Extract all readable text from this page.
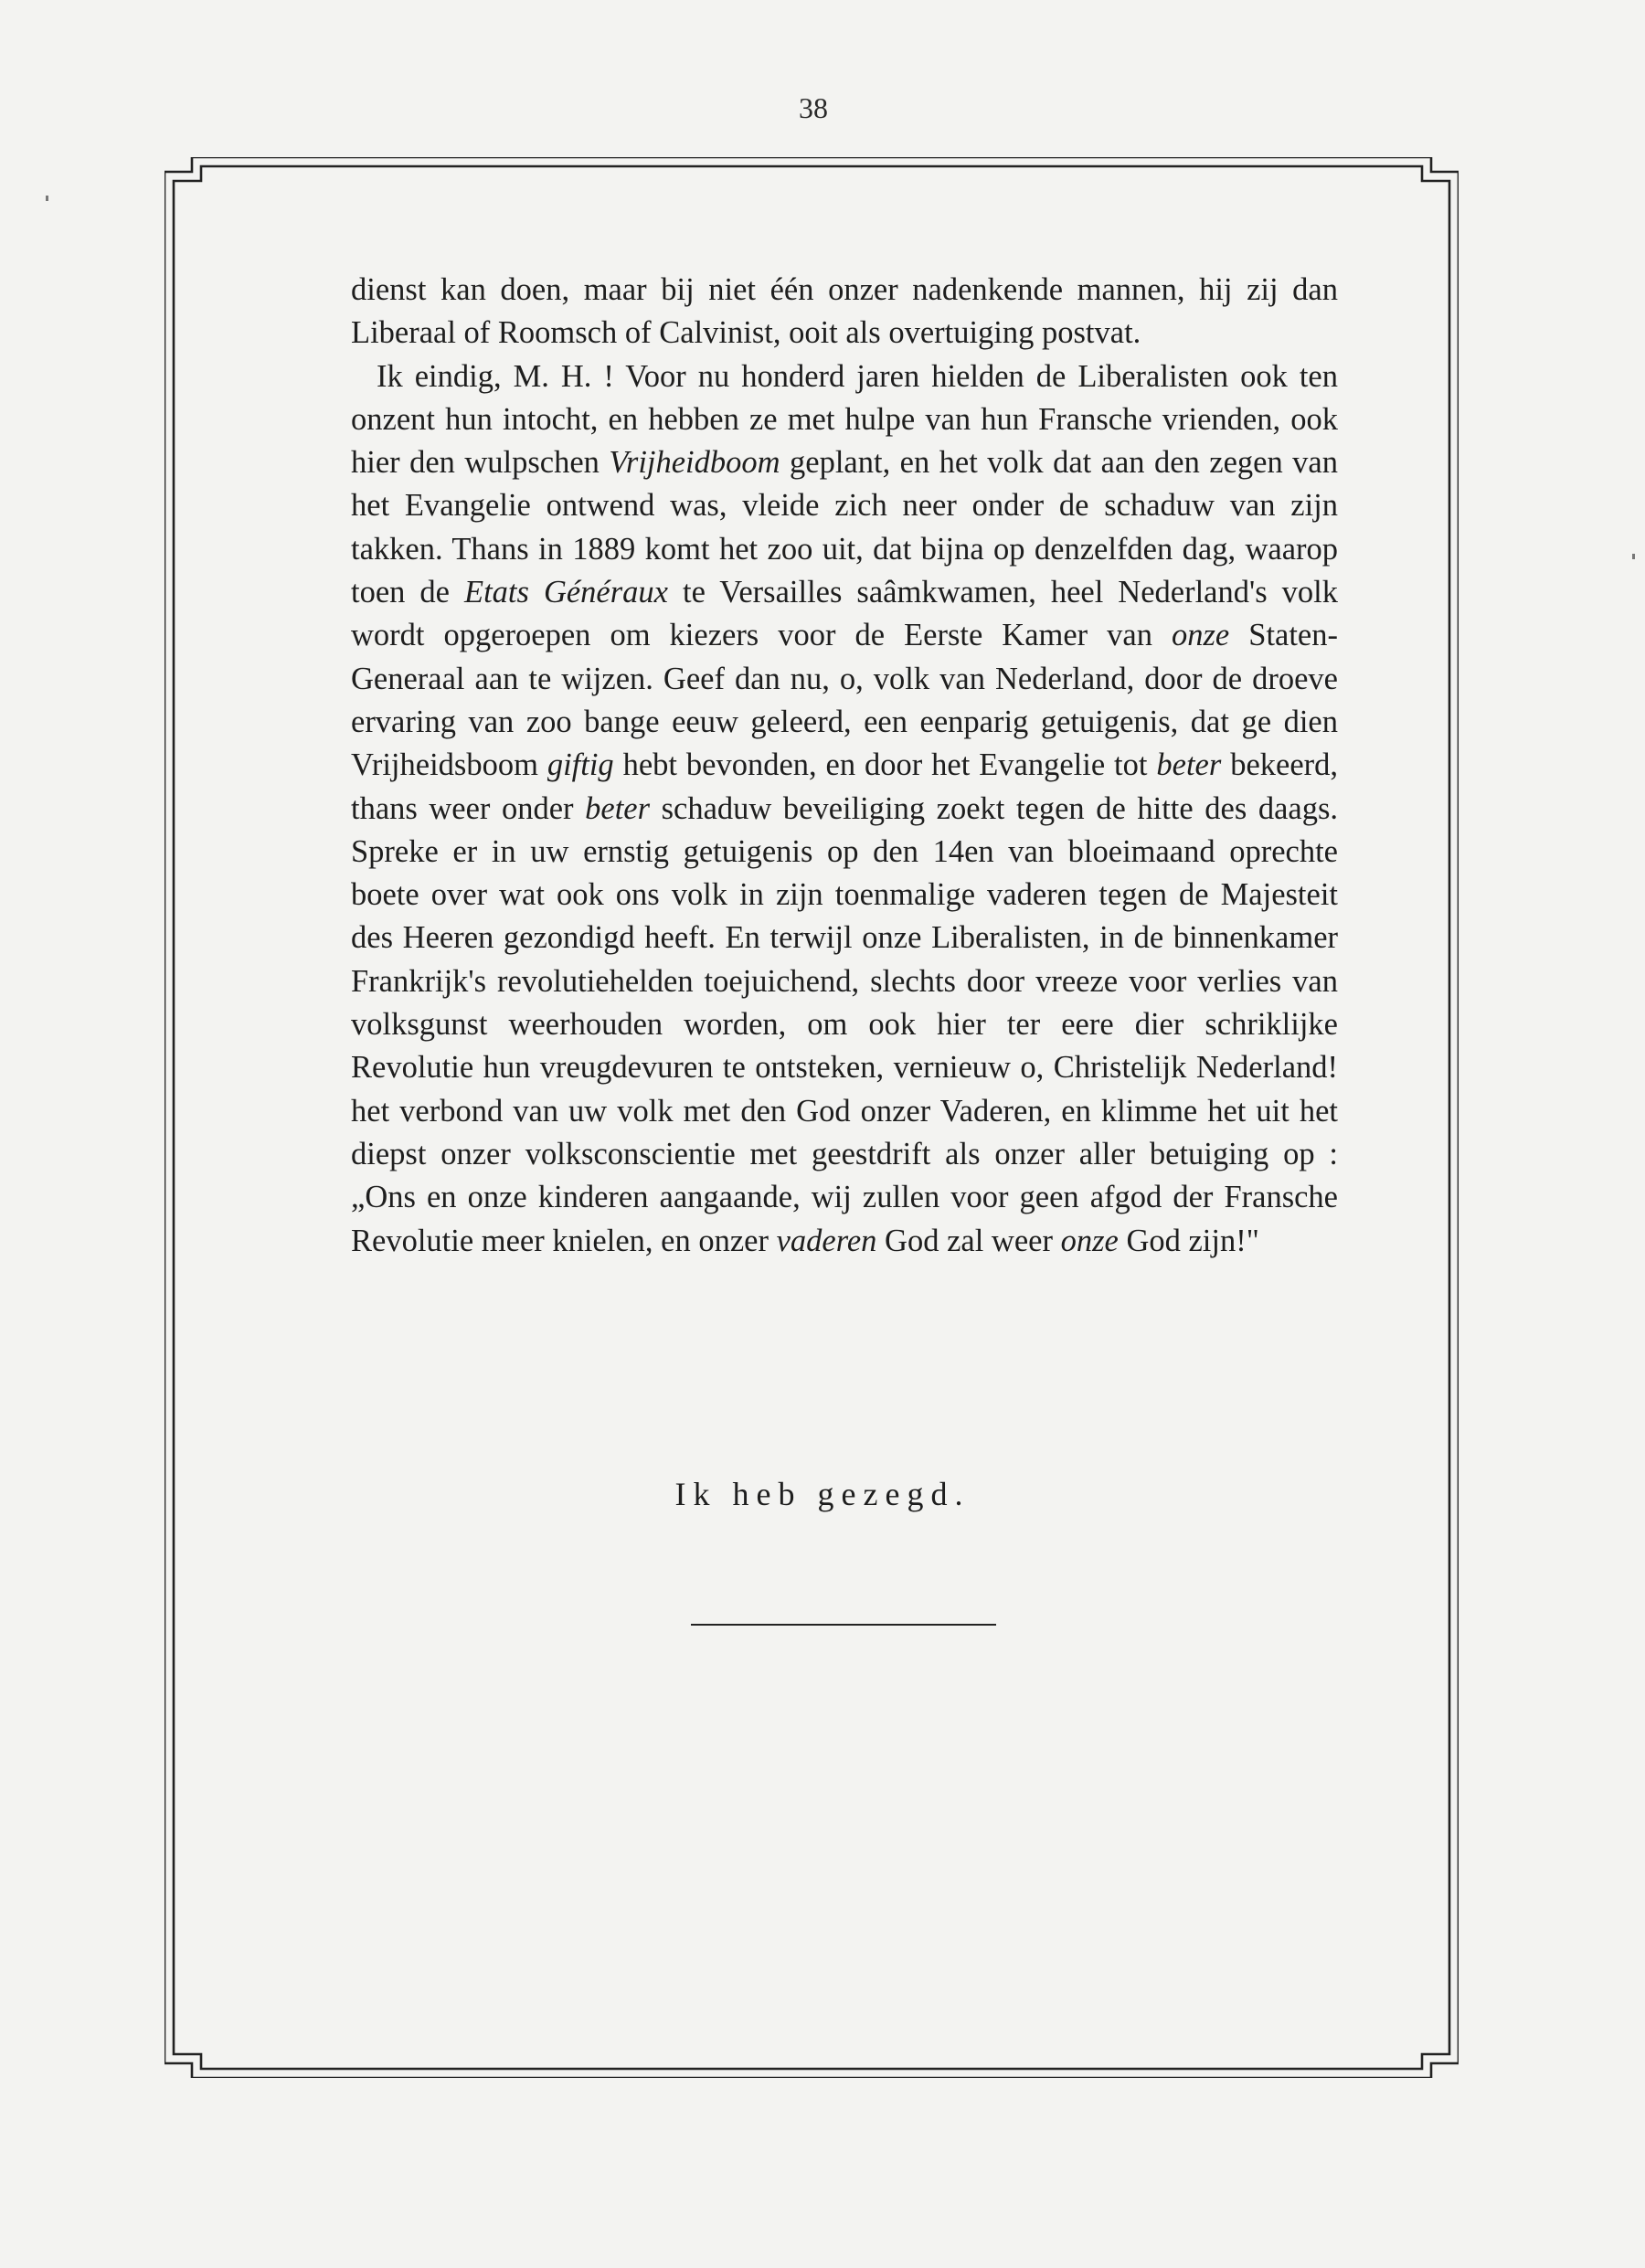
38

dienst kan doen, maar bij niet één onzer nadenkende mannen, hij zij dan Liberaal of Roomsch of Calvinist, ooit als overtuiging postvat.

Ik eindig, M. H. ! Voor nu honderd jaren hielden de Liberalisten ook ten onzent hun intocht, en hebben ze met hulpe van hun Fransche vrienden, ook hier den wulpschen Vrijheidboom geplant, en het volk dat aan den zegen van het Evangelie ontwend was, vleide zich neer onder de schaduw van zijn takken. Thans in 1889 komt het zoo uit, dat bijna op denzelfden dag, waarop toen de Etats Généraux te Versailles saâmkwamen, heel Nederland's volk wordt opgeroepen om kiezers voor de Eerste Kamer van onze Staten-Generaal aan te wijzen. Geef dan nu, o, volk van Nederland, door de droeve ervaring van zoo bange eeuw geleerd, een eenparig getuigenis, dat ge dien Vrijheidsboom giftig hebt bevonden, en door het Evangelie tot beter bekeerd, thans weer onder beter schaduw beveiliging zoekt tegen de hitte des daags. Spreke er in uw ernstig getuigenis op den 14en van bloeimaand oprechte boete over wat ook ons volk in zijn toenmalige vaderen tegen de Majesteit des Heeren gezondigd heeft. En terwijl onze Liberalisten, in de binnenkamer Frankrijk's revolutiehelden toejuichend, slechts door vreeze voor verlies van volksgunst weerhouden worden, om ook hier ter eere dier schriklijke Revolutie hun vreugdevuren te ontsteken, vernieuw o, Christelijk Nederland! het verbond van uw volk met den God onzer Vaderen, en klimme het uit het diepst onzer volksconscientie met geestdrift als onzer aller betuiging op : „Ons en onze kinderen aangaande, wij zullen voor geen afgod der Fransche Revolutie meer knielen, en onzer vaderen God zal weer onze God zijn!"

Ik heb gezegd.
